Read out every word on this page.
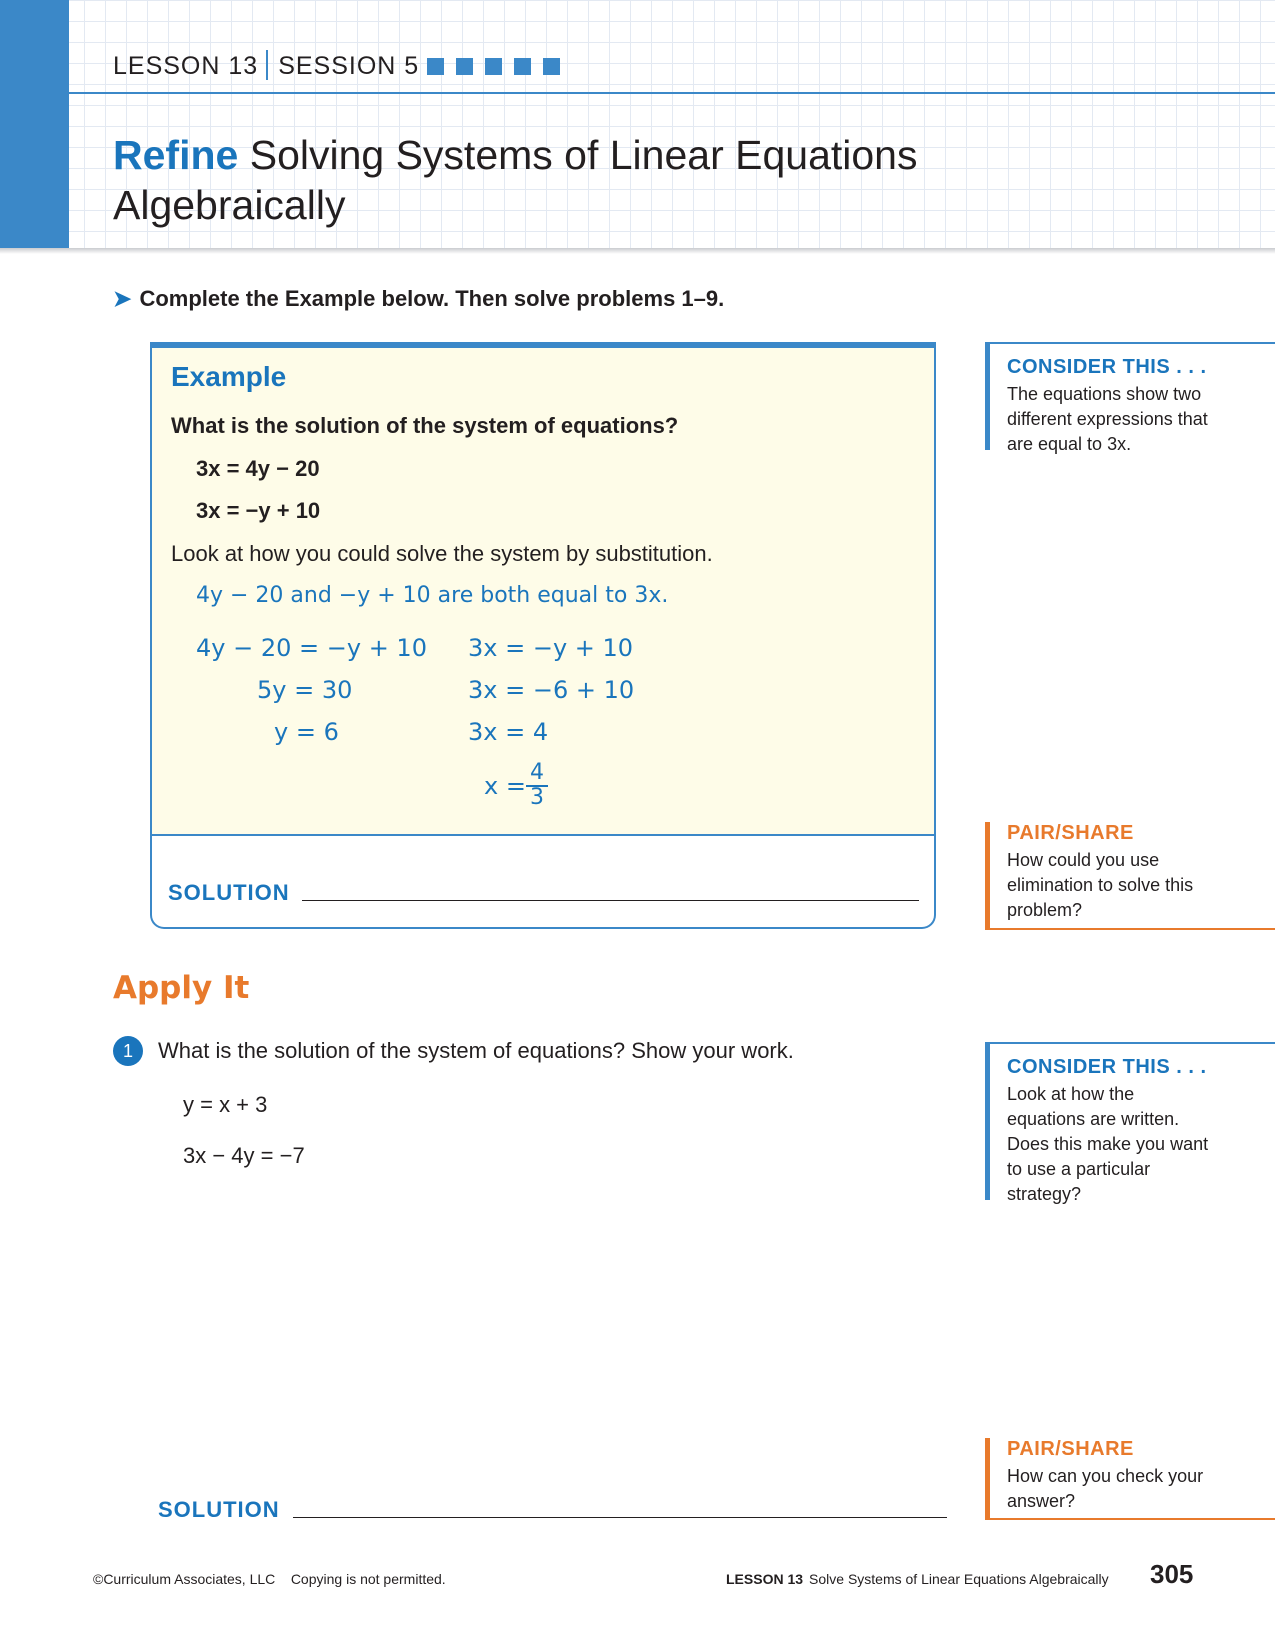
LESSON 13 SESSION 5
Refine Solving Systems of Linear Equations Algebraically
➤ Complete the Example below. Then solve problems 1–9.
Example
What is the solution of the system of equations?
3x = 4y − 20
3x = −y + 10
Look at how you could solve the system by substitution.
4y − 20 and −y + 10 are both equal to 3x.
4y − 20 = −y + 10
5y = 30
y = 6
3x = −y + 10
3x = −6 + 10
3x = 4
$x = \frac{4}{3}$
SOLUTION
CONSIDER THIS . . .
The equations show two different expressions that are equal to 3x.
PAIR/SHARE
How could you use elimination to solve this problem?
CONSIDER THIS . . .
Look at how the equations are written. Does this make you want to use a particular strategy?
PAIR/SHARE
How can you check your answer?
Apply It
1	What is the solution of the system of equations? Show your work.
y = x + 3
3x − 4y = −7
SOLUTION
©Curriculum Associates, LLC    Copying is not permitted.	LESSON 13 Solve Systems of Linear Equations Algebraically 305
